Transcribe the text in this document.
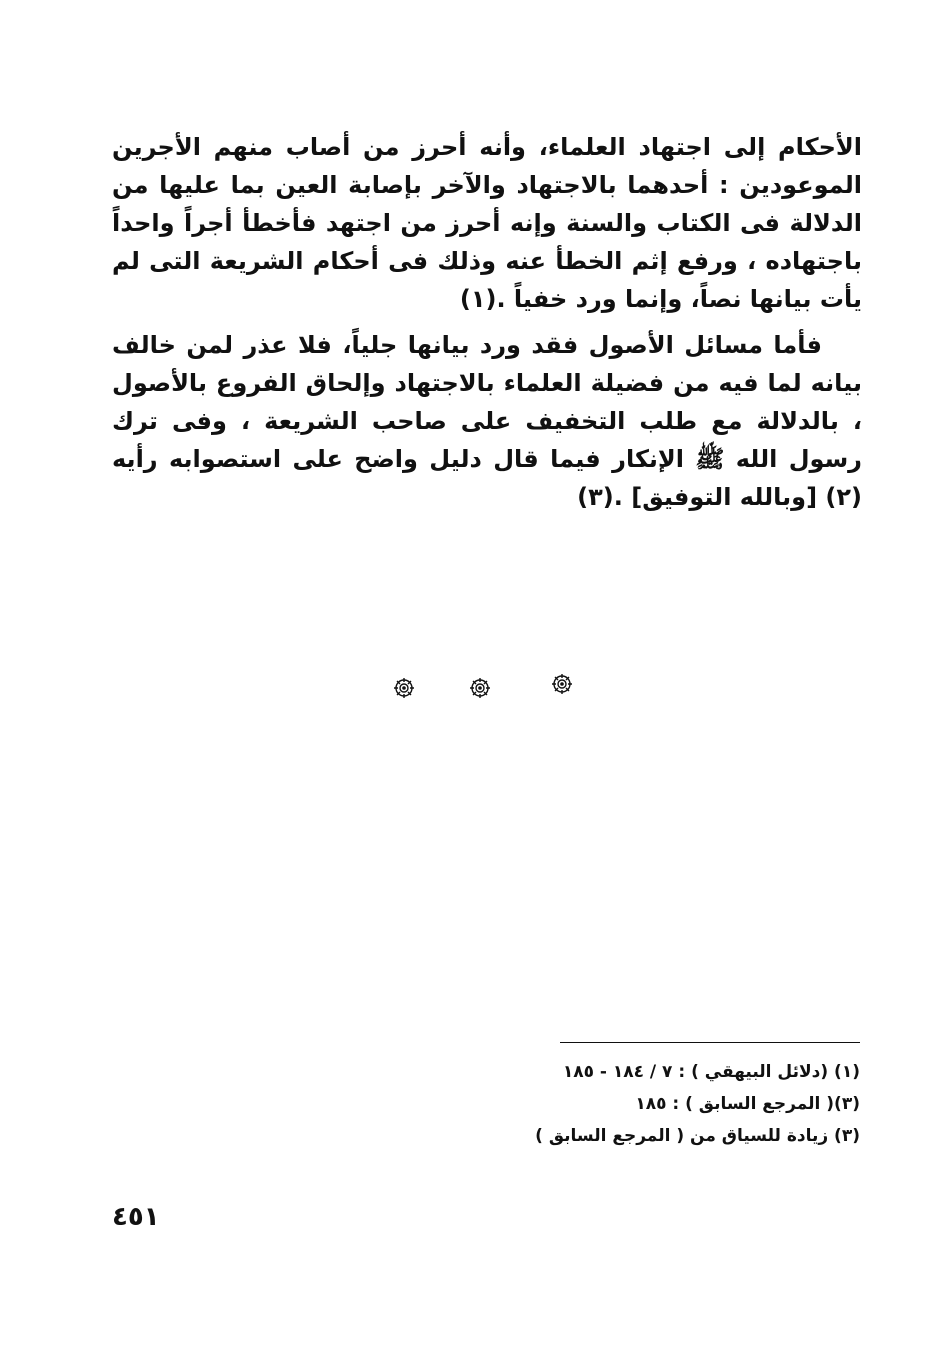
الأحكام إلى اجتهاد العلماء، وأنه أحرز من أصاب منهم الأجرين الموعودين : أحدهما بالاجتهاد والآخر بإصابة العين بما عليها من الدلالة فى الكتاب والسنة وإنه أحرز من اجتهد فأخطأ أجراً واحداً باجتهاده ، ورفع إثم الخطأ عنه وذلك فى أحكام الشريعة التى لم يأت بيانها نصاً، وإنما ورد خفياً .(١)

فأما مسائل الأصول فقد ورد بيانها جلياً، فلا عذر لمن خالف بيانه لما فيه من فضيلة العلماء بالاجتهاد وإلحاق الفروع بالأصول ، بالدلالة مع طلب التخفيف على صاحب الشريعة ، وفى ترك رسول الله ﷺ الإنكار فيما قال دليل واضح على استصوابه رأيه (٢) [وبالله التوفيق] .(٣)

(١) (دلائل البيهقي ) : ٧ / ١٨٤ - ١٨٥
(٣)( المرجع السابق ) : ١٨٥
(٣) زيادة للسياق من ( المرجع السابق )
٤٥١
